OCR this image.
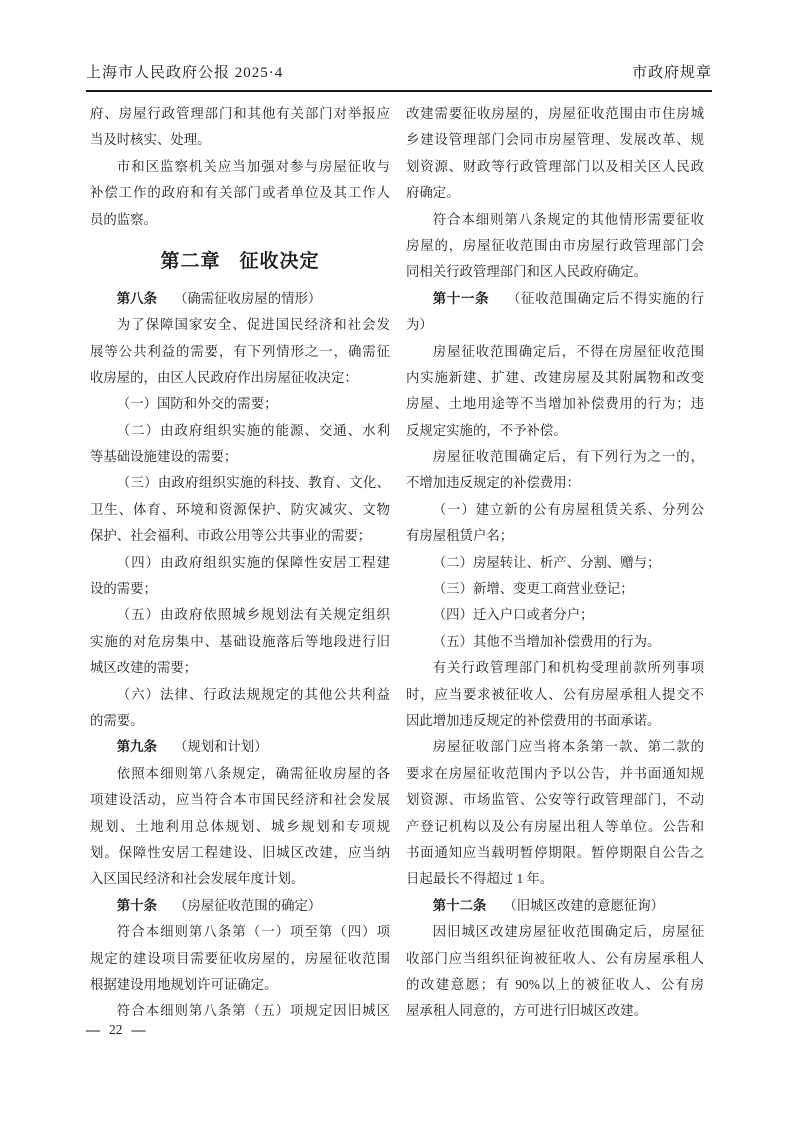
上海市人民政府公报 2025·4	市政府规章
府、房屋行政管理部门和其他有关部门对举报应
当及时核实、处理。
市和区监察机关应当加强对参与房屋征收与
补偿工作的政府和有关部门或者单位及其工作人
员的监察。
第二章 征收决定
第八条 （确需征收房屋的情形）
为了保障国家安全、促进国民经济和社会发
展等公共利益的需要，有下列情形之一，确需征
收房屋的，由区人民政府作出房屋征收决定：
（一）国防和外交的需要；
（二）由政府组织实施的能源、交通、水利
等基础设施建设的需要；
（三）由政府组织实施的科技、教育、文化、
卫生、体育、环境和资源保护、防灾减灾、文物
保护、社会福利、市政公用等公共事业的需要；
（四）由政府组织实施的保障性安居工程建
设的需要；
（五）由政府依照城乡规划法有关规定组织
实施的对危房集中、基础设施落后等地段进行旧
城区改建的需要；
（六）法律、行政法规规定的其他公共利益
的需要。
第九条 （规划和计划）
依照本细则第八条规定，确需征收房屋的各
项建设活动，应当符合本市国民经济和社会发展
规划、土地利用总体规划、城乡规划和专项规
划。保障性安居工程建设、旧城区改建，应当纳
入区国民经济和社会发展年度计划。
第十条 （房屋征收范围的确定）
符合本细则第八条第（一）项至第（四）项
规定的建设项目需要征收房屋的，房屋征收范围
根据建设用地规划许可证确定。
符合本细则第八条第（五）项规定因旧城区
改建需要征收房屋的，房屋征收范围由市住房城
乡建设管理部门会同市房屋管理、发展改革、规
划资源、财政等行政管理部门以及相关区人民政
府确定。
符合本细则第八条规定的其他情形需要征收
房屋的，房屋征收范围由市房屋行政管理部门会
同相关行政管理部门和区人民政府确定。
第十一条 （征收范围确定后不得实施的行
为）
房屋征收范围确定后，不得在房屋征收范围
内实施新建、扩建、改建房屋及其附属物和改变
房屋、土地用途等不当增加补偿费用的行为；违
反规定实施的，不予补偿。
房屋征收范围确定后，有下列行为之一的，
不增加违反规定的补偿费用：
（一）建立新的公有房屋租赁关系、分列公
有房屋租赁户名；
（二）房屋转让、析产、分割、赠与；
（三）新增、变更工商营业登记；
（四）迁入户口或者分户；
（五）其他不当增加补偿费用的行为。
有关行政管理部门和机构受理前款所列事项
时，应当要求被征收人、公有房屋承租人提交不
因此增加违反规定的补偿费用的书面承诺。
房屋征收部门应当将本条第一款、第二款的
要求在房屋征收范围内予以公告，并书面通知规
划资源、市场监管、公安等行政管理部门，不动
产登记机构以及公有房屋出租人等单位。公告和
书面通知应当载明暂停期限。暂停期限自公告之
日起最长不得超过 1 年。
第十二条 （旧城区改建的意愿征询）
因旧城区改建房屋征收范围确定后，房屋征
收部门应当组织征询被征收人、公有房屋承租人
的改建意愿；有 90%以上的被征收人、公有房
屋承租人同意的，方可进行旧城区改建。
— 22 —
